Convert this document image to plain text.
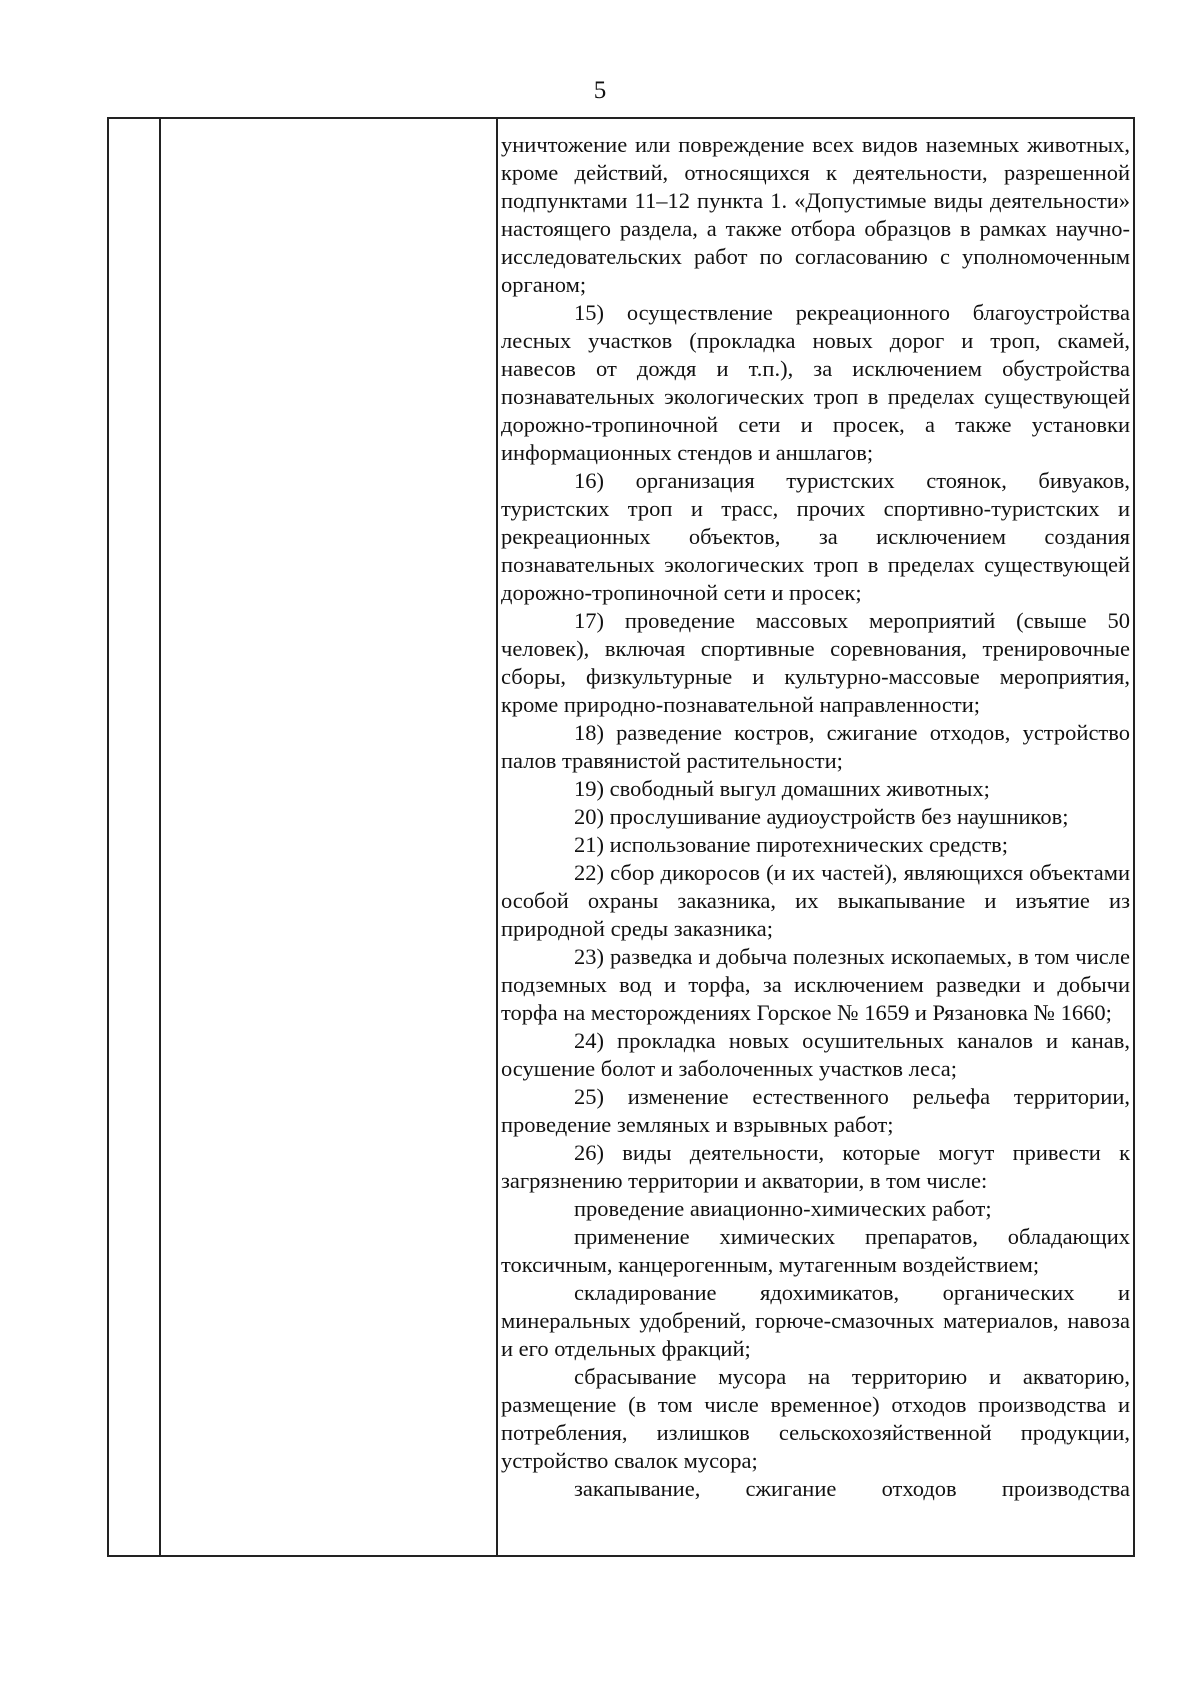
5

уничтожение или повреждение всех видов наземных животных, кроме действий, относящихся к деятельности, разрешенной подпунктами 11–12 пункта 1. «Допустимые виды деятельности» настоящего раздела, а также отбора образцов в рамках научно-исследовательских работ по согласованию с уполномоченным органом;

15) осуществление рекреационного благоустройства лесных участков (прокладка новых дорог и троп, скамей, навесов от дождя и т.п.), за исключением обустройства познавательных экологических троп в пределах существующей дорожно-тропиночной сети и просек, а также установки информационных стендов и аншлагов;

16) организация туристских стоянок, бивуаков, туристских троп и трасс, прочих спортивно-туристских и рекреационных объектов, за исключением создания познавательных экологических троп в пределах существующей дорожно-тропиночной сети и просек;

17) проведение массовых мероприятий (свыше 50 человек), включая спортивные соревнования, тренировочные сборы, физкультурные и культурно-массовые мероприятия, кроме природно-познавательной направленности;

18) разведение костров, сжигание отходов, устройство палов травянистой растительности;

19) свободный выгул домашних животных;

20) прослушивание аудиоустройств без наушников;

21) использование пиротехнических средств;

22) сбор дикоросов (и их частей), являющихся объектами особой охраны заказника, их выкапывание и изъятие из природной среды заказника;

23) разведка и добыча полезных ископаемых, в том числе подземных вод и торфа, за исключением разведки и добычи торфа на месторождениях Горское № 1659 и Рязановка № 1660;

24) прокладка новых осушительных каналов и канав, осушение болот и заболоченных участков леса;

25) изменение естественного рельефа территории, проведение земляных и взрывных работ;

26) виды деятельности, которые могут привести к загрязнению территории и акватории, в том числе:

проведение авиационно-химических работ;

применение химических препаратов, обладающих токсичным, канцерогенным, мутагенным воздействием;

складирование ядохимикатов, органических и минеральных удобрений, горюче-смазочных материалов, навоза и его отдельных фракций;

сбрасывание мусора на территорию и акваторию, размещение (в том числе временное) отходов производства и потребления, излишков сельскохозяйственной продукции, устройство свалок мусора;

закапывание, сжигание отходов производства
